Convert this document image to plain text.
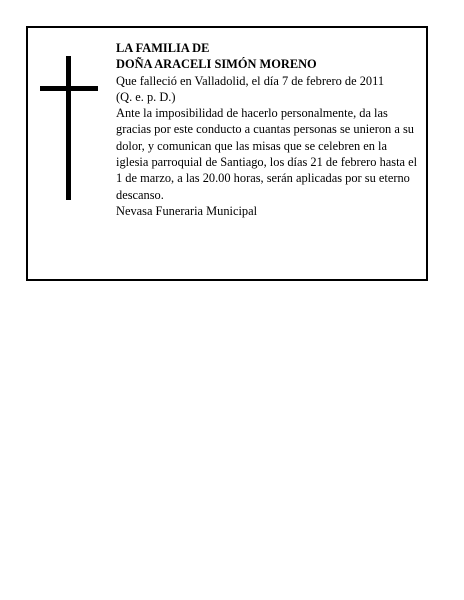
LA FAMILIA DE

DOÑA ARACELI SIMÓN MORENO

Que falleció en Valladolid, el día 7 de febrero de 2011

(Q. e. p. D.)

Ante la imposibilidad de hacerlo personalmente, da las gracias por este conducto a cuantas personas se unieron a su dolor, y comunican que las misas que se celebren en la iglesia parroquial de Santiago, los días 21 de febrero hasta el 1 de marzo, a las 20.00 horas, serán aplicadas por su eterno descanso.

Nevasa Funeraria Municipal
